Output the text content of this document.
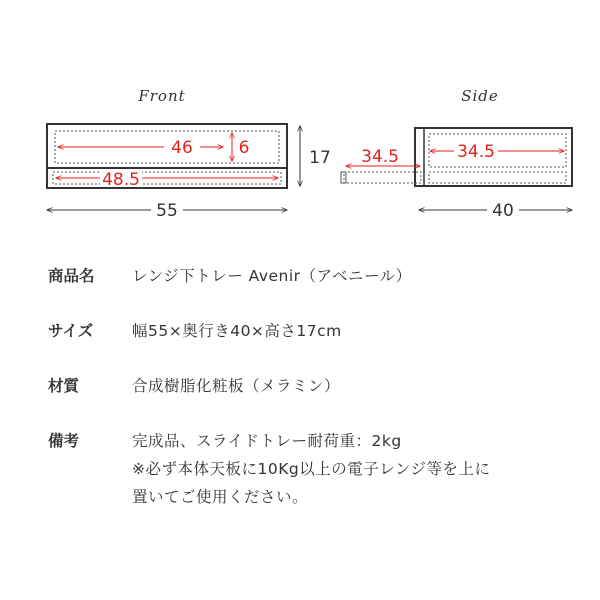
Front	Side
46	6
48.5
17
55
34.5	34.5
40
商品名	レンジ下トレー Avenir（アベニール）
サイズ	幅55×奥行き40×高さ17cm
材質	合成樹脂化粧板（メラミン）
備考	完成品、スライドトレー耐荷重：2kg
※必ず本体天板に10Kg以上の電子レンジ等を上に
置いてご使用ください。
